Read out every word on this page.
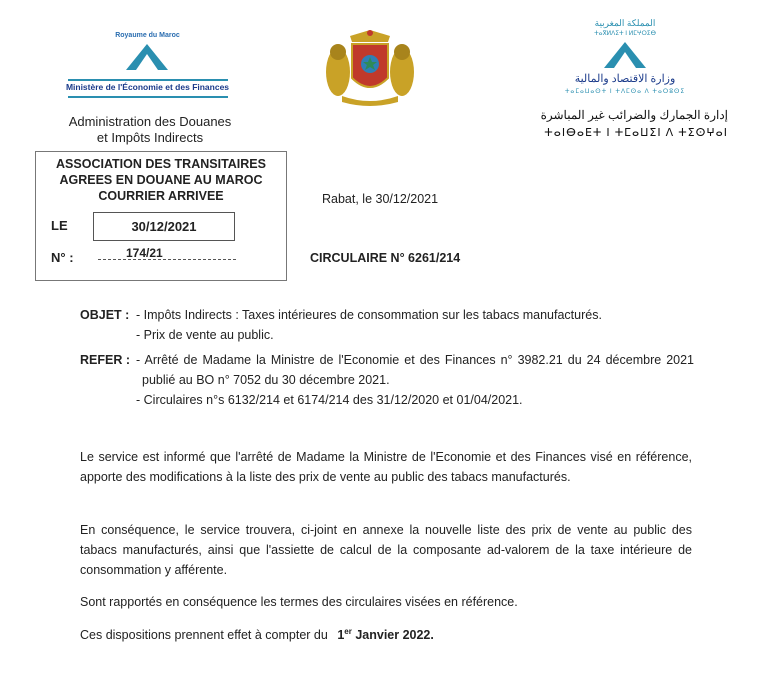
Royaume du Maroc
Ministère de l'Économie et des Finances
Administration des Douanes
et Impôts Indirects
المملكة المغربية
ⵜⴰⴳⵍⴷⵉⵜ ⵏ ⵍⵎⵖⵔⵉⴱ
وزارة الاقتصاد والمالية
ⵜⴰⵎⴰⵡⴰⵙⵜ ⵏ ⵜⴷⵎⵙⴰ ⴷ ⵜⴰⵔⵓⵙⵉ
إدارة الجمارك والضرائب غير المباشرة
ⵜⴰⵏⴱⴰⴹⵜ ⵏ ⵜⵎⴰⵡⵉⵏ ⴷ ⵜⵉⵙⵖⴰⵏ
ASSOCIATION DES TRANSITAIRES
AGREES EN DOUANE AU MAROC
COURRIER ARRIVEE
LE	30/12/2021
N° :	174/21
Rabat, le 30/12/2021
CIRCULAIRE N° 6261/214
OBJET : - Impôts Indirects : Taxes intérieures de consommation sur les tabacs manufacturés.
- Prix de vente au public.
REFER : - Arrêté de Madame la Ministre de l'Economie et des Finances n° 3982.21 du 24 décembre 2021 publié au BO n° 7052 du 30 décembre 2021.
- Circulaires n°s 6132/214 et 6174/214 des 31/12/2020 et 01/04/2021.
Le service est informé que l'arrêté de Madame la Ministre de l'Economie et des Finances visé en référence, apporte des modifications à la liste des prix de vente au public des tabacs manufacturés.
En conséquence, le service trouvera, ci-joint en annexe la nouvelle liste des prix de vente au public des tabacs manufacturés, ainsi que l'assiette de calcul de la composante ad-valorem de la taxe intérieure de consommation y afférente.
Sont rapportés en conséquence les termes des circulaires visées en référence.
Ces dispositions prennent effet à compter du 1er Janvier 2022.
